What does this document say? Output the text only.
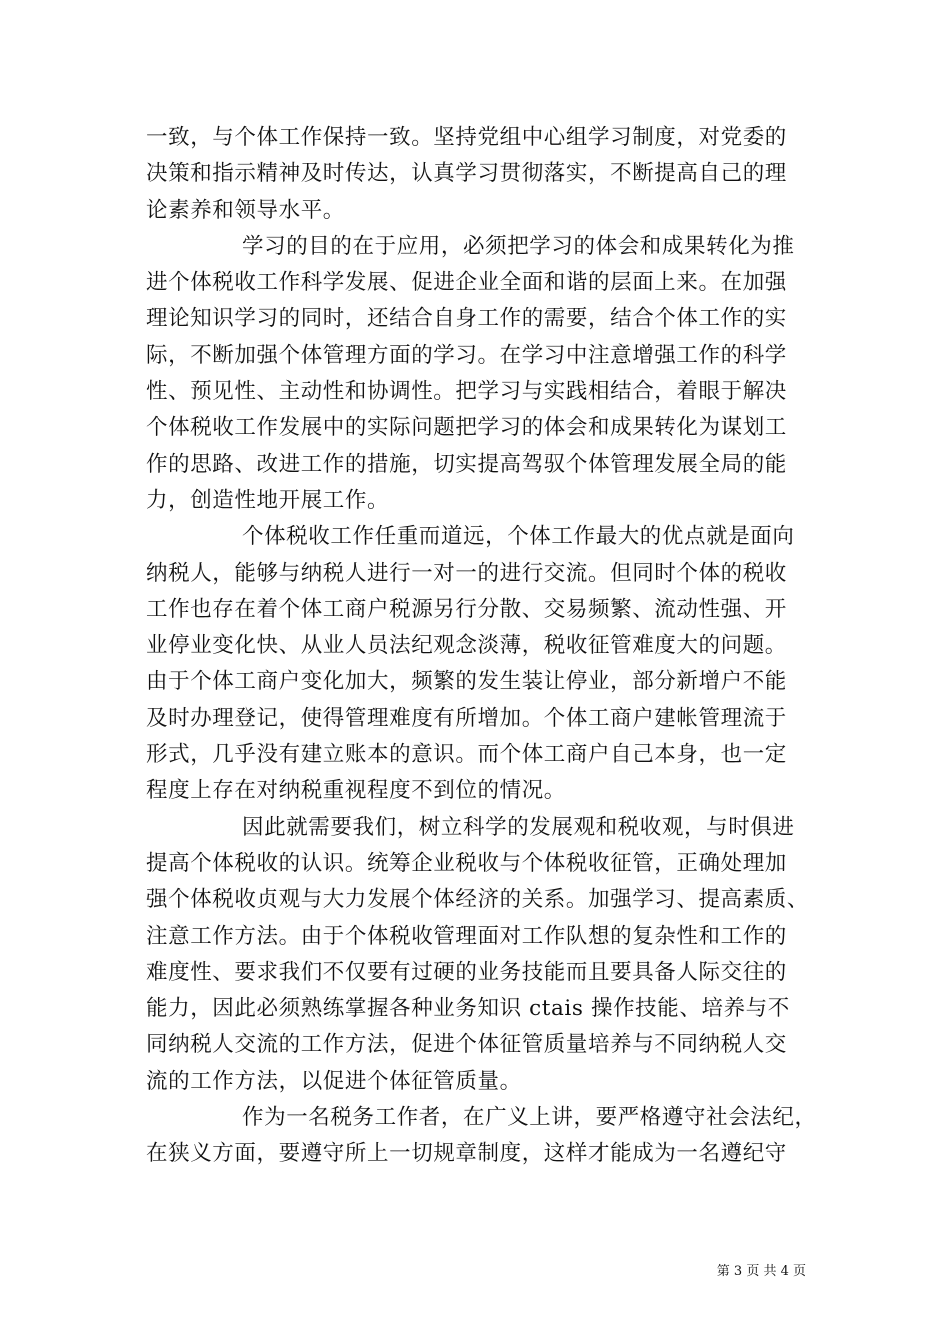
一致，与个体工作保持一致。坚持党组中心组学习制度，对党委的
决策和指示精神及时传达，认真学习贯彻落实，不断提高自己的理
论素养和领导水平。
学习的目的在于应用，必须把学习的体会和成果转化为推
进个体税收工作科学发展、促进企业全面和谐的层面上来。在加强
理论知识学习的同时，还结合自身工作的需要，结合个体工作的实
际，不断加强个体管理方面的学习。在学习中注意增强工作的科学
性、预见性、主动性和协调性。把学习与实践相结合，着眼于解决
个体税收工作发展中的实际问题把学习的体会和成果转化为谋划工
作的思路、改进工作的措施，切实提高驾驭个体管理发展全局的能
力，创造性地开展工作。
个体税收工作任重而道远，个体工作最大的优点就是面向
纳税人，能够与纳税人进行一对一的进行交流。但同时个体的税收
工作也存在着个体工商户税源另行分散、交易频繁、流动性强、开
业停业变化快、从业人员法纪观念淡薄，税收征管难度大的问题。
由于个体工商户变化加大，频繁的发生装让停业，部分新增户不能
及时办理登记，使得管理难度有所增加。个体工商户建帐管理流于
形式，几乎没有建立账本的意识。而个体工商户自己本身，也一定
程度上存在对纳税重视程度不到位的情况。
因此就需要我们，树立科学的发展观和税收观，与时俱进
提高个体税收的认识。统筹企业税收与个体税收征管，正确处理加
强个体税收贞观与大力发展个体经济的关系。加强学习、提高素质、
注意工作方法。由于个体税收管理面对工作队想的复杂性和工作的
难度性、要求我们不仅要有过硬的业务技能而且要具备人际交往的
能力，因此必须熟练掌握各种业务知识 ctais 操作技能、培养与不
同纳税人交流的工作方法，促进个体征管质量培养与不同纳税人交
流的工作方法，以促进个体征管质量。
作为一名税务工作者，在广义上讲，要严格遵守社会法纪，
在狭义方面，要遵守所上一切规章制度，这样才能成为一名遵纪守
第 3 页 共 4 页
